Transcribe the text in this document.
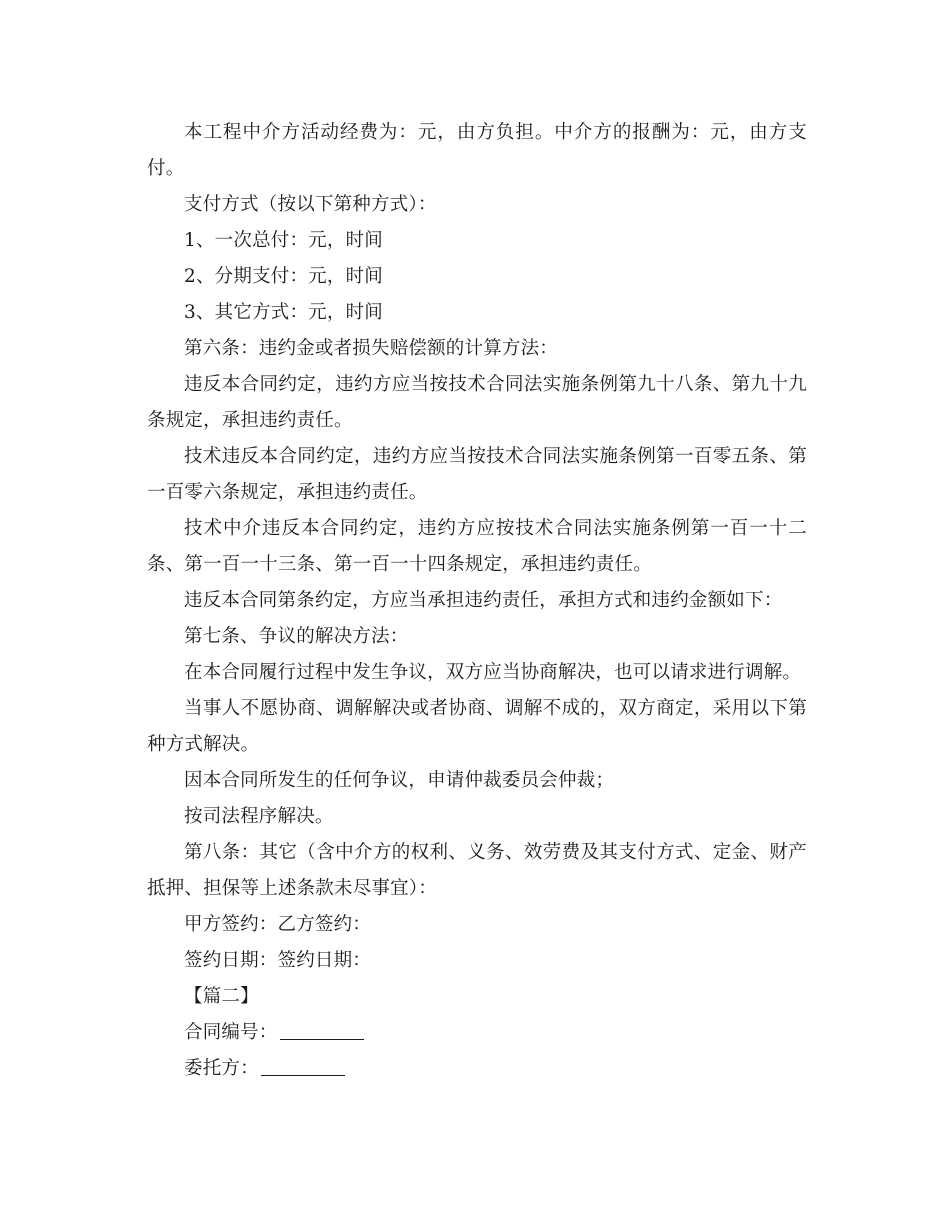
本工程中介方活动经费为：元，由方负担。中介方的报酬为：元，由方支付。

支付方式（按以下第种方式）：

1、一次总付：元，时间

2、分期支付：元，时间

3、其它方式：元，时间

第六条：违约金或者损失赔偿额的计算方法：

违反本合同约定，违约方应当按技术合同法实施条例第九十八条、第九十九条规定，承担违约责任。

技术违反本合同约定，违约方应当按技术合同法实施条例第一百零五条、第一百零六条规定，承担违约责任。

技术中介违反本合同约定，违约方应按技术合同法实施条例第一百一十二条、第一百一十三条、第一百一十四条规定，承担违约责任。

违反本合同第条约定，方应当承担违约责任，承担方式和违约金额如下：

第七条、争议的解决方法：

在本合同履行过程中发生争议，双方应当协商解决，也可以请求进行调解。

当事人不愿协商、调解解决或者协商、调解不成的，双方商定，采用以下第种方式解决。

因本合同所发生的任何争议，申请仲裁委员会仲裁；

按司法程序解决。

第八条：其它（含中介方的权利、义务、效劳费及其支付方式、定金、财产抵押、担保等上述条款未尽事宜）：

甲方签约：乙方签约：

签约日期：签约日期：

【篇二】

合同编号：

委托方：
